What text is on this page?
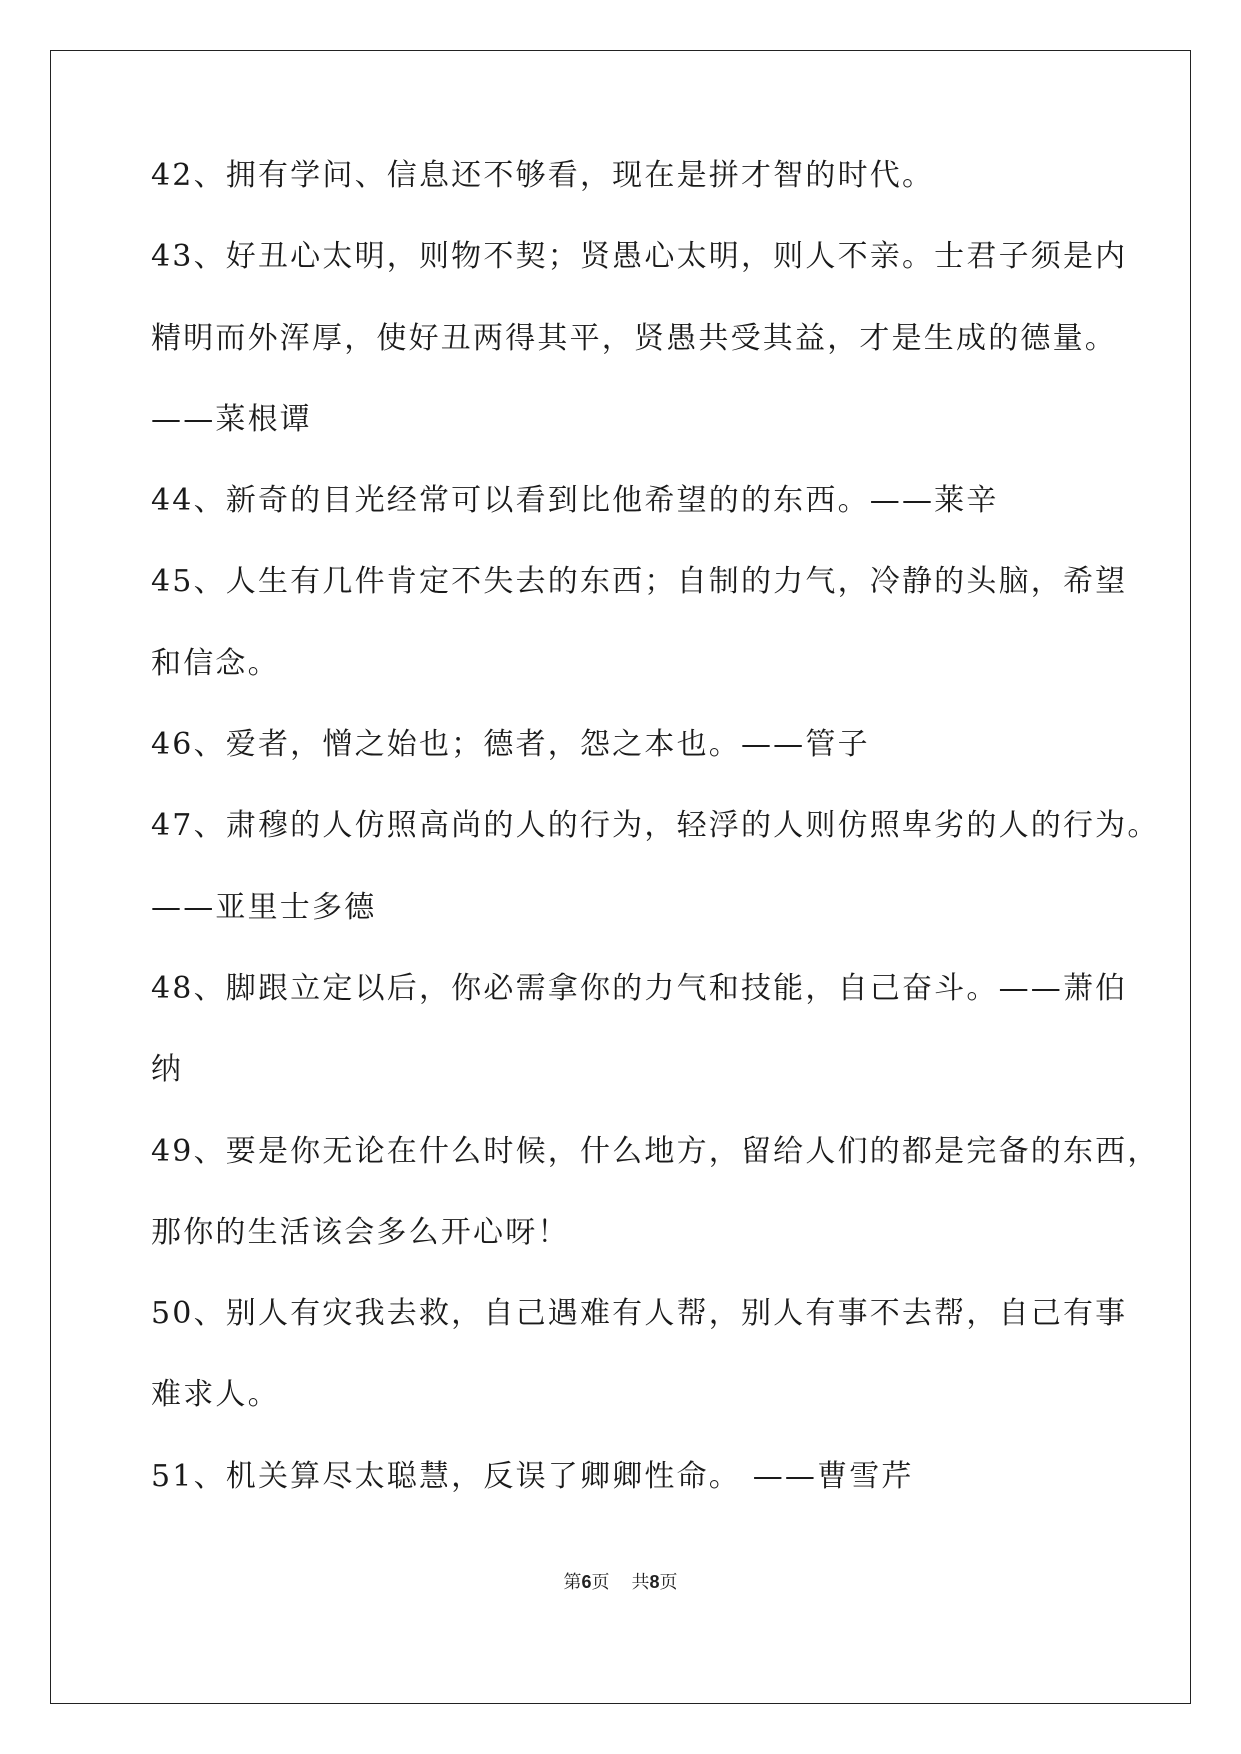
42、拥有学问、信息还不够看，现在是拼才智的时代。
43、好丑心太明，则物不契；贤愚心太明，则人不亲。士君子须是内
精明而外浑厚，使好丑两得其平，贤愚共受其益，才是生成的德量。
——菜根谭
44、新奇的目光经常可以看到比他希望的的东西。——莱辛
45、人生有几件肯定不失去的东西；自制的力气，冷静的头脑，希望
和信念。
46、爱者，憎之始也；德者，怨之本也。——管子
47、肃穆的人仿照高尚的人的行为，轻浮的人则仿照卑劣的人的行为。
——亚里士多德
48、脚跟立定以后，你必需拿你的力气和技能，自己奋斗。——萧伯
纳
49、要是你无论在什么时候，什么地方，留给人们的都是完备的东西，
那你的生活该会多么开心呀！
50、别人有灾我去救，自己遇难有人帮，别人有事不去帮，自己有事
难求人。
51、机关算尽太聪慧，反误了卿卿性命。 ——曹雪芹
第6页 共8页
